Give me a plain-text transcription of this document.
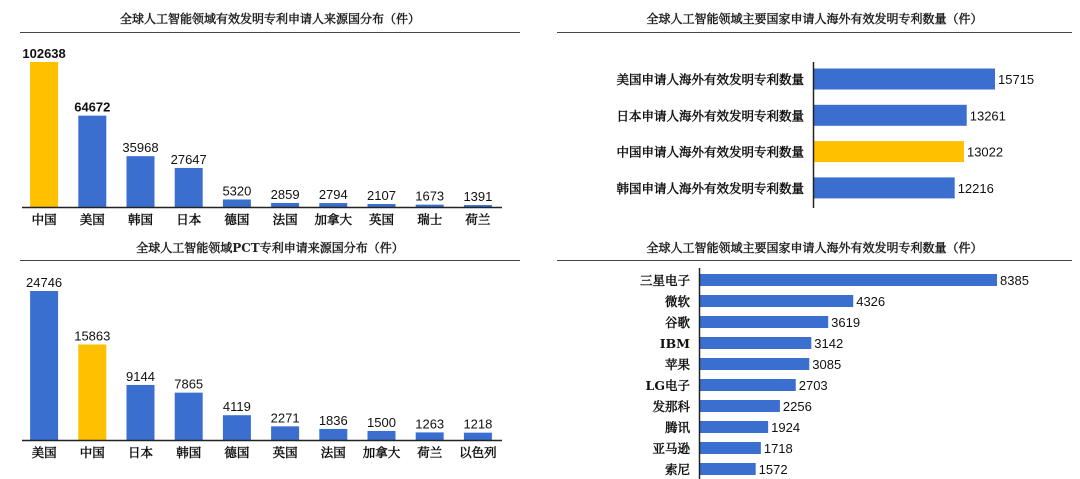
全球人工智能领域有效发明专利申请人来源国分布（件）
102638
中国
64672
美国
35968
韩国
27647
日本
5320
德国
2859
法国
2794
加拿大
2107
英国
1673
瑞士
1391
荷兰
全球人工智能领域主要国家申请人海外有效发明专利数量（件）
15715
美国申请人海外有效发明专利数量
13261
日本申请人海外有效发明专利数量
13022
中国申请人海外有效发明专利数量
12216
韩国申请人海外有效发明专利数量
全球人工智能领域PCT专利申请来源国分布（件）
24746
美国
15863
中国
9144
日本
7865
韩国
4119
德国
2271
英国
1836
法国
1500
加拿大
1263
荷兰
1218
以色列
全球人工智能领域主要国家申请人海外有效发明专利数量（件）
8385
三星电子
4326
微软
3619
谷歌
3142
IBM
3085
苹果
2703
LG电子
2256
发那科
1924
腾讯
1718
亚马逊
1572
索尼
